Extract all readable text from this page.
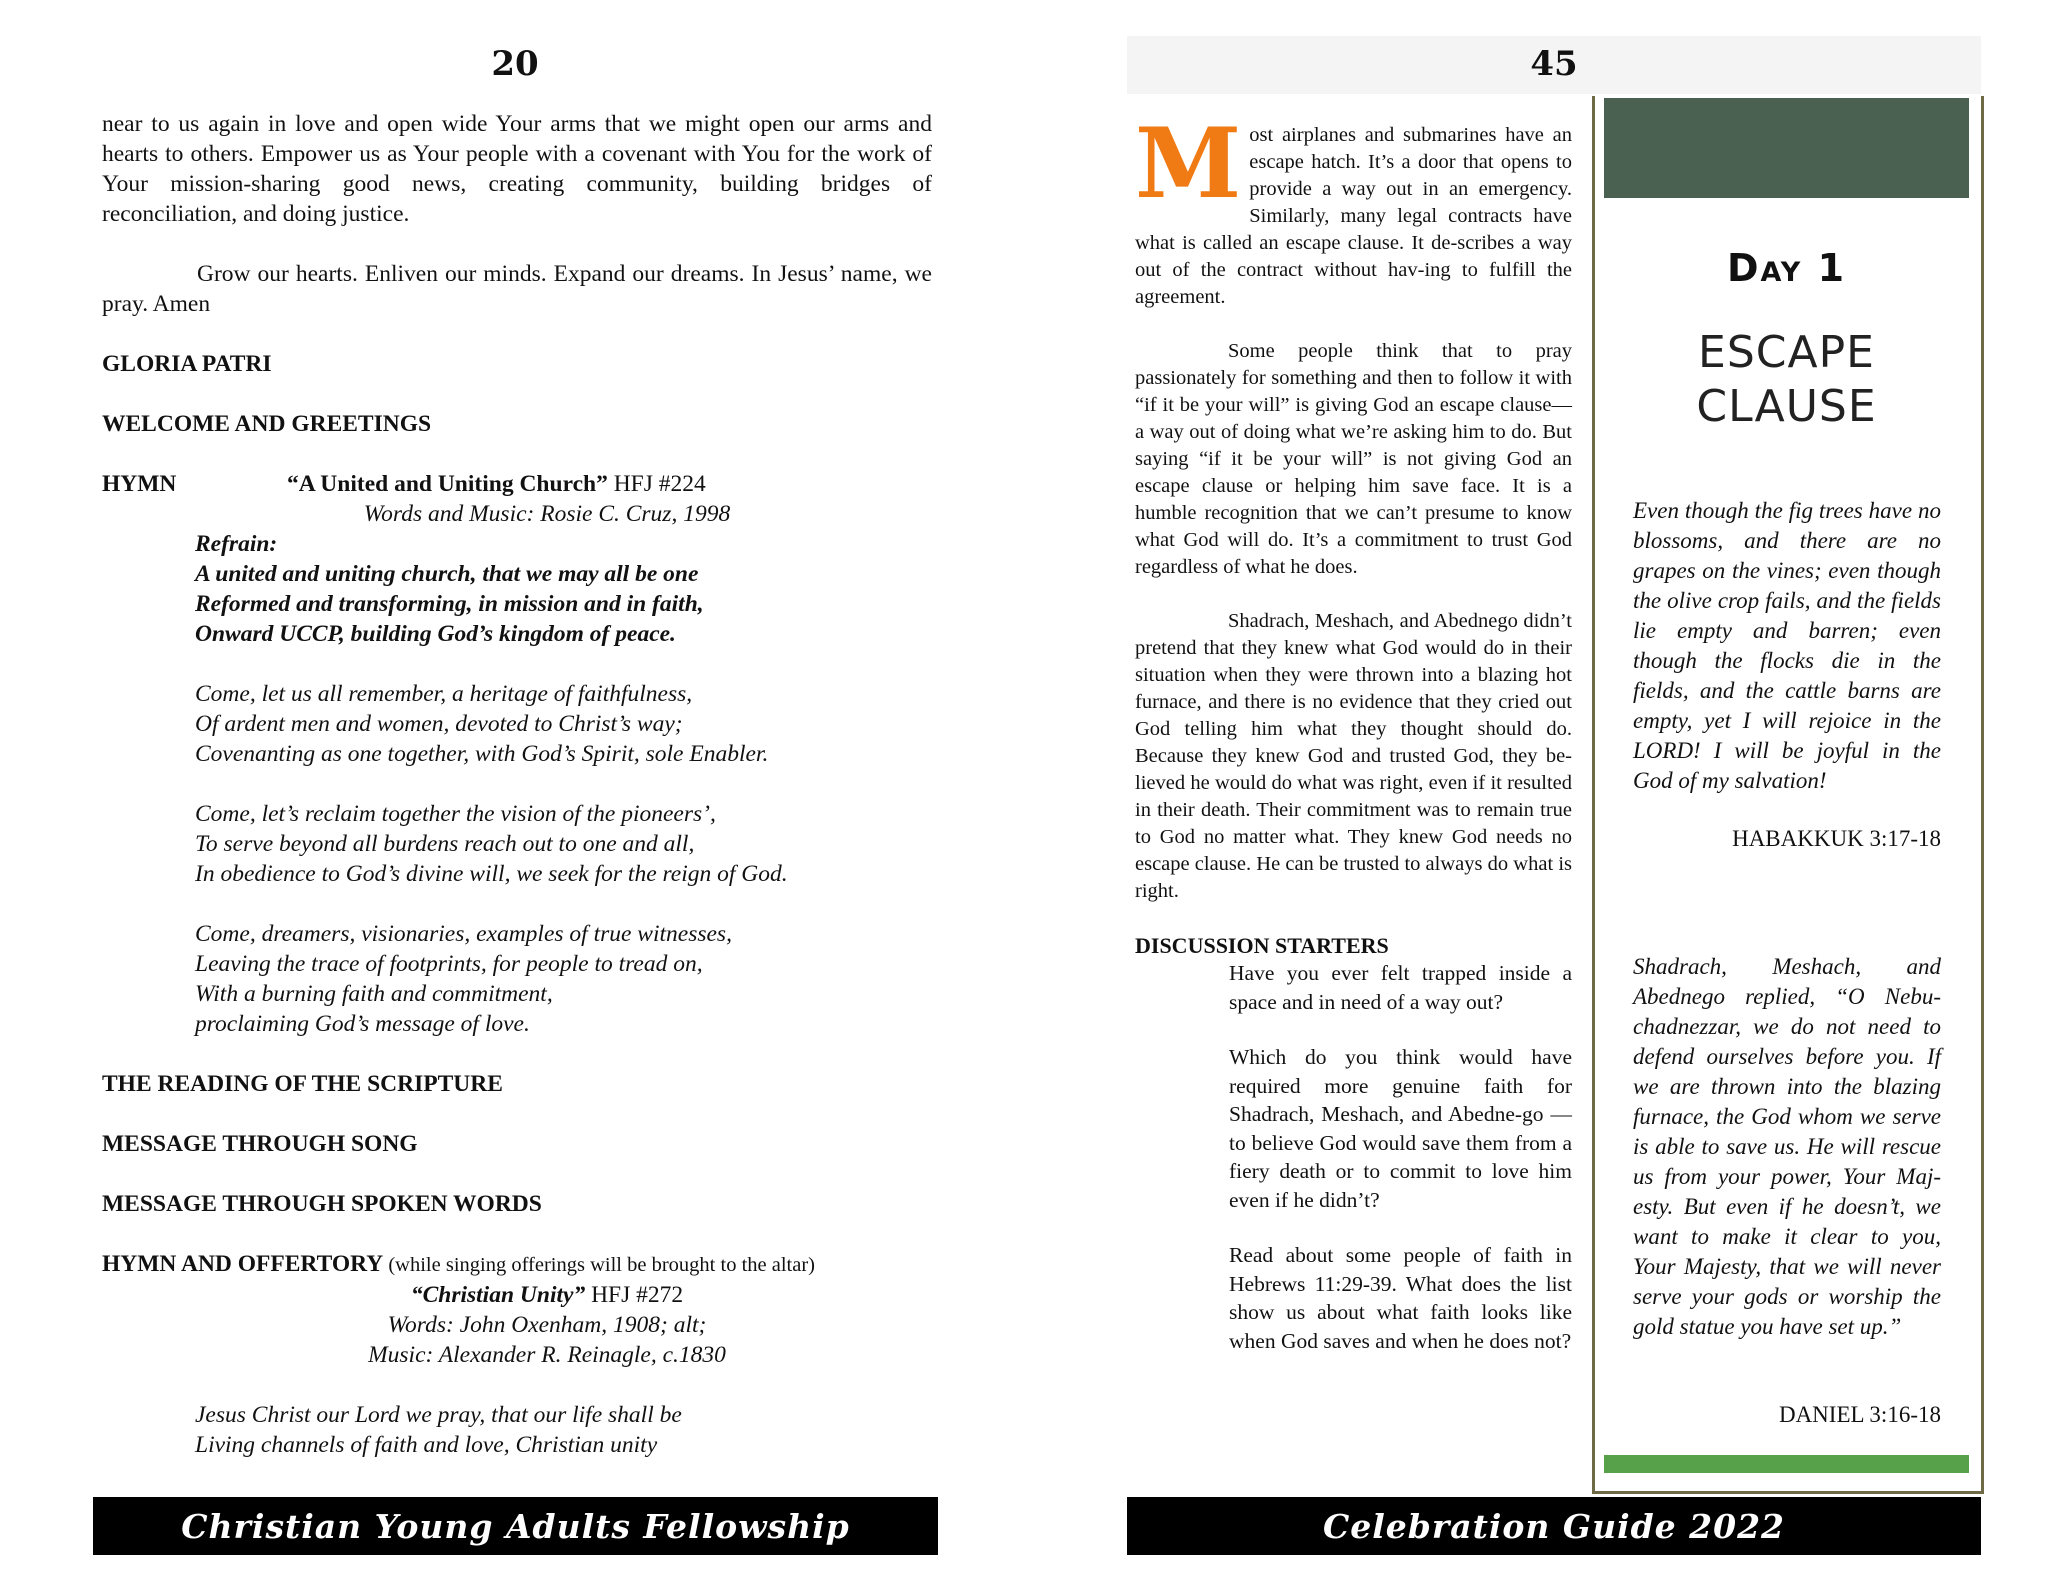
20

near to us again in love and open wide Your arms that we might open our arms and hearts to others. Empower us as Your people with a covenant with You for the work of Your mission-sharing good news, creating community, building bridges of reconciliation, and doing justice.

Grow our hearts. Enliven our minds. Expand our dreams. In Jesus’ name, we pray. Amen

GLORIA PATRI

WELCOME AND GREETINGS

HYMN	“A United and Uniting Church” HFJ #224

Words and Music: Rosie C. Cruz, 1998

Refrain:

A united and uniting church, that we may all be one

Reformed and transforming, in mission and in faith,

Onward UCCP, building God’s kingdom of peace.

Come, let us all remember, a heritage of faithfulness,

Of ardent men and women, devoted to Christ’s way;

Covenanting as one together, with God’s Spirit, sole Enabler.

Come, let’s reclaim together the vision of the pioneers’,

To serve beyond all burdens reach out to one and all,

In obedience to God’s divine will, we seek for the reign of God.

Come, dreamers, visionaries, examples of true witnesses,

Leaving the trace of footprints, for people to tread on,

With a burning faith and commitment,

proclaiming God’s message of love.

THE READING OF THE SCRIPTURE

MESSAGE THROUGH SONG

MESSAGE THROUGH SPOKEN WORDS

HYMN AND OFFERTORY (while singing offerings will be brought to the altar)

“Christian Unity” HFJ #272

Words: John Oxenham, 1908; alt;

Music: Alexander R. Reinagle, c.1830

Jesus Christ our Lord we pray, that our life shall be

Living channels of faith and love, Christian unity

Christian Young Adults Fellowship
45

Most airplanes and submarines have an escape hatch. It’s a door that opens to provide a way out in an emergency. Similarly, many legal contracts have what is called an escape clause. It de-scribes a way out of the contract without hav-ing to fulfill the agreement.

Some people think that to pray passionately for something and then to follow it with “if it be your will” is giving God an escape clause—a way out of doing what we’re asking him to do. But saying “if it be your will” is not giving God an escape clause or helping him save face. It is a humble recognition that we can’t presume to know what God will do. It’s a commitment to trust God regardless of what he does.

Shadrach, Meshach, and Abednego didn’t pretend that they knew what God would do in their situation when they were thrown into a blazing hot furnace, and there is no evidence that they cried out God telling him what they thought should do. Because they knew God and trusted God, they be-lieved he would do what was right, even if it resulted in their death. Their commitment was to remain true to God no matter what. They knew God needs no escape clause. He can be trusted to always do what is right.

DISCUSSION STARTERS

Have you ever felt trapped inside a space and in need of a way out?

Which do you think would have required more genuine faith for Shadrach, Meshach, and Abedne-go —to believe God would save them from a fiery death or to commit to love him even if he didn’t?

Read about some people of faith in Hebrews 11:29-39. What does the list show us about what faith looks like when God saves and when he does not?

Day 1
ESCAPE
CLAUSE

Even though the fig trees have no blossoms, and there are no grapes on the vines; even though the olive crop fails, and the fields lie empty and barren; even though the flocks die in the fields, and the cattle barns are empty, yet I will rejoice in the LORD! I will be joyful in the God of my salvation!

HABAKKUK 3:17-18

Shadrach, Meshach, and Abednego replied, “O Nebu-chadnezzar, we do not need to defend ourselves before you. If we are thrown into the blazing furnace, the God whom we serve is able to save us. He will rescue us from your power, Your Maj-esty. But even if he doesn’t, we want to make it clear to you, Your Majesty, that we will never serve your gods or worship the gold statue you have set up.”

DANIEL 3:16-18

Celebration Guide 2022
